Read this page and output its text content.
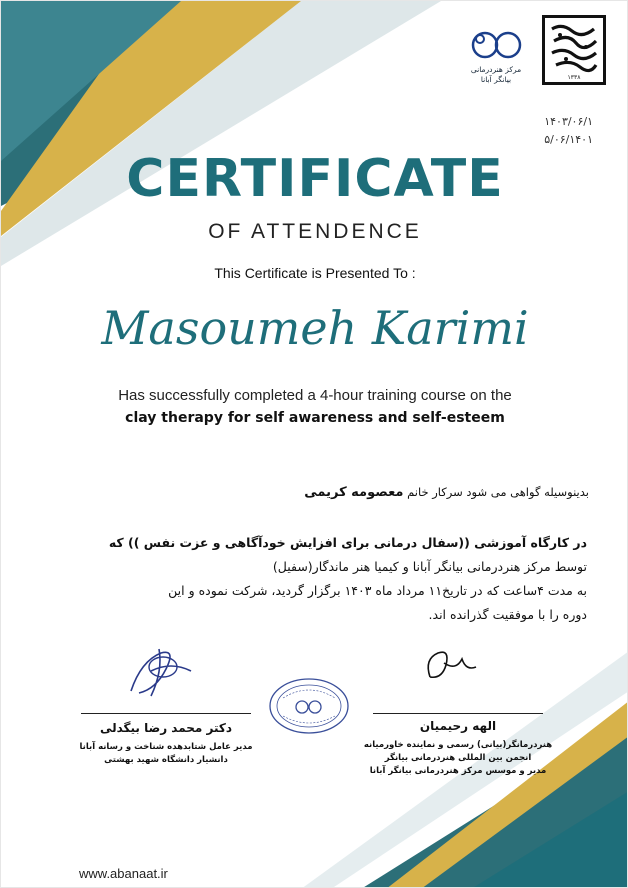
۱۳۳۸
مرکز هنردرمانی
بیانگر آبانا
۱۴۰۳/۰۶/۱
۵/۰۶/۱۴۰۱
CERTIFICATE
OF ATTENDENCE
This Certificate is Presented To :
Masoumeh Karimi
Has successfully completed a 4-hour training course on the
clay therapy for self awareness and self-esteem
بدینوسیله گواهی می شود سرکار خانم معصومه کریمی
در کارگاه آموزشی ((سفال درمانی برای افزایش خودآگاهی و عزت نفس )) که
توسط مرکز هنردرمانی بیانگر آبانا و کیمیا هنر ماندگار(سفیل)
به مدت ۴ساعت که در تاریخ۱۱ مرداد ماه ۱۴۰۳ برگزار گردید، شرکت نموده و این
دوره را با موفقیت گذرانده اند.
دکتر محمد رضا بیگدلی
مدیر عامل شتابدهده شناخت و رسانه آبانا
دانشیار دانشگاه شهید بهشتی
الهه رحیمیان
هنردرمانگر(بیانی) رسمی و نماینده خاورمیانه
انجمن بین المللی هنردرمانی بیانگر
مدیر و موسس مرکز هنردرمانی بیانگر آبانا
www.abanaat.ir
